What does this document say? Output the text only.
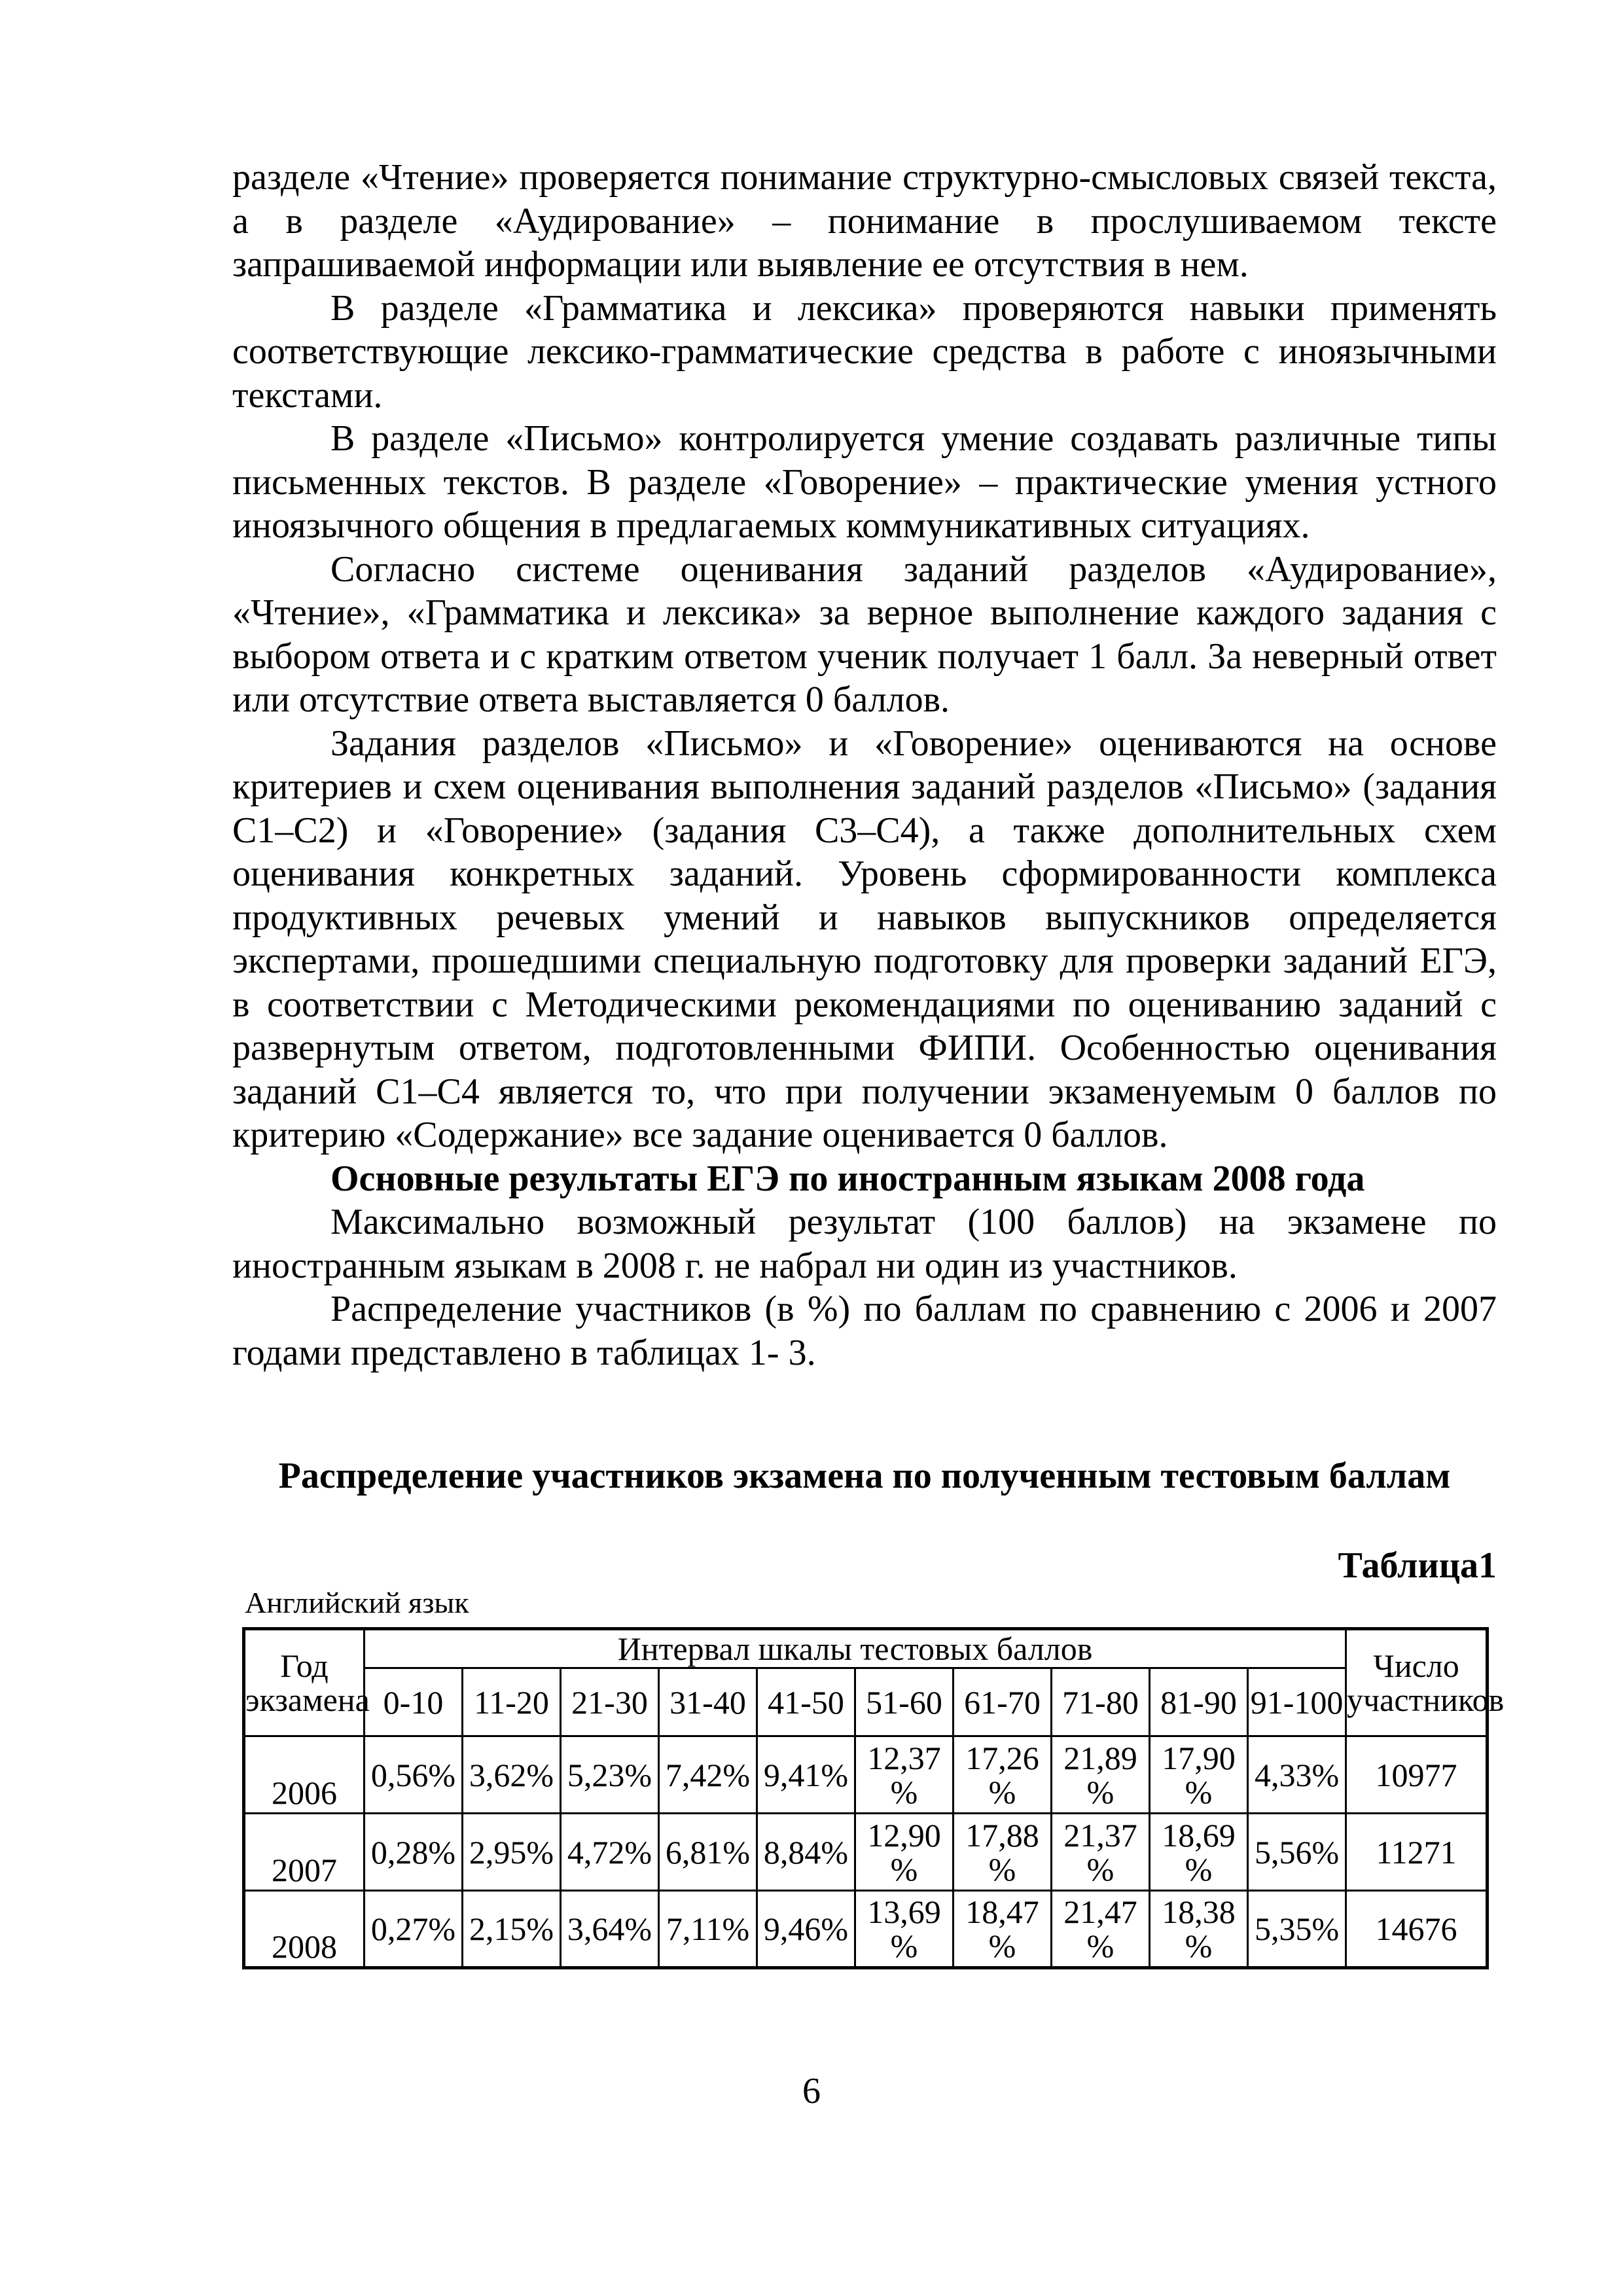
разделе «Чтение» проверяется понимание структурно-смысловых связей текста, а в разделе «Аудирование» – понимание в прослушиваемом тексте запрашиваемой информации или выявление ее отсутствия в нем.

В разделе «Грамматика и лексика» проверяются навыки применять соответствующие лексико-грамматические средства в работе с иноязычными текстами.

В разделе «Письмо» контролируется умение создавать различные типы письменных текстов. В разделе «Говорение» – практические умения устного иноязычного общения в предлагаемых коммуникативных ситуациях.

Согласно системе оценивания заданий разделов «Аудирование», «Чтение», «Грамматика и лексика» за верное выполнение каждого задания с выбором ответа и с кратким ответом ученик получает 1 балл. За неверный ответ или отсутствие ответа выставляется 0 баллов.

Задания разделов «Письмо» и «Говорение» оцениваются на основе критериев и схем оценивания выполнения заданий разделов «Письмо» (задания С1–С2) и «Говорение» (задания С3–С4), а также дополнительных схем оценивания конкретных заданий. Уровень сформированности комплекса продуктивных речевых умений и навыков выпускников определяется экспертами, прошедшими специальную подготовку для проверки заданий ЕГЭ, в соответствии с Методическими рекомендациями по оцениванию заданий с развернутым ответом, подготовленными ФИПИ. Особенностью оценивания заданий С1–С4 является то, что при получении экзаменуемым 0 баллов по критерию «Содержание» все задание оценивается 0 баллов.

Основные результаты ЕГЭ по иностранным языкам 2008 года

Максимально возможный результат (100 баллов) на экзамене по иностранным языкам в 2008 г. не набрал ни один из участников.

Распределение участников (в %) по баллам по сравнению с 2006 и 2007 годами представлено в таблицах 1- 3.

Распределение участников экзамена по полученным тестовым баллам
Таблица1
Английский язык
Год экзамена	Интервал шкалы тестовых баллов										Число участников
	0-10	11-20	21-30	31-40	41-50	51-60	61-70	71-80	81-90	91-100	
2006	0,56%	3,62%	5,23%	7,42%	9,41%	12,37 %	17,26 %	21,89 %	17,90 %	4,33%	10977
2007	0,28%	2,95%	4,72%	6,81%	8,84%	12,90 %	17,88 %	21,37 %	18,69 %	5,56%	11271
2008	0,27%	2,15%	3,64%	7,11%	9,46%	13,69 %	18,47 %	21,47 %	18,38 %	5,35%	14676
6
